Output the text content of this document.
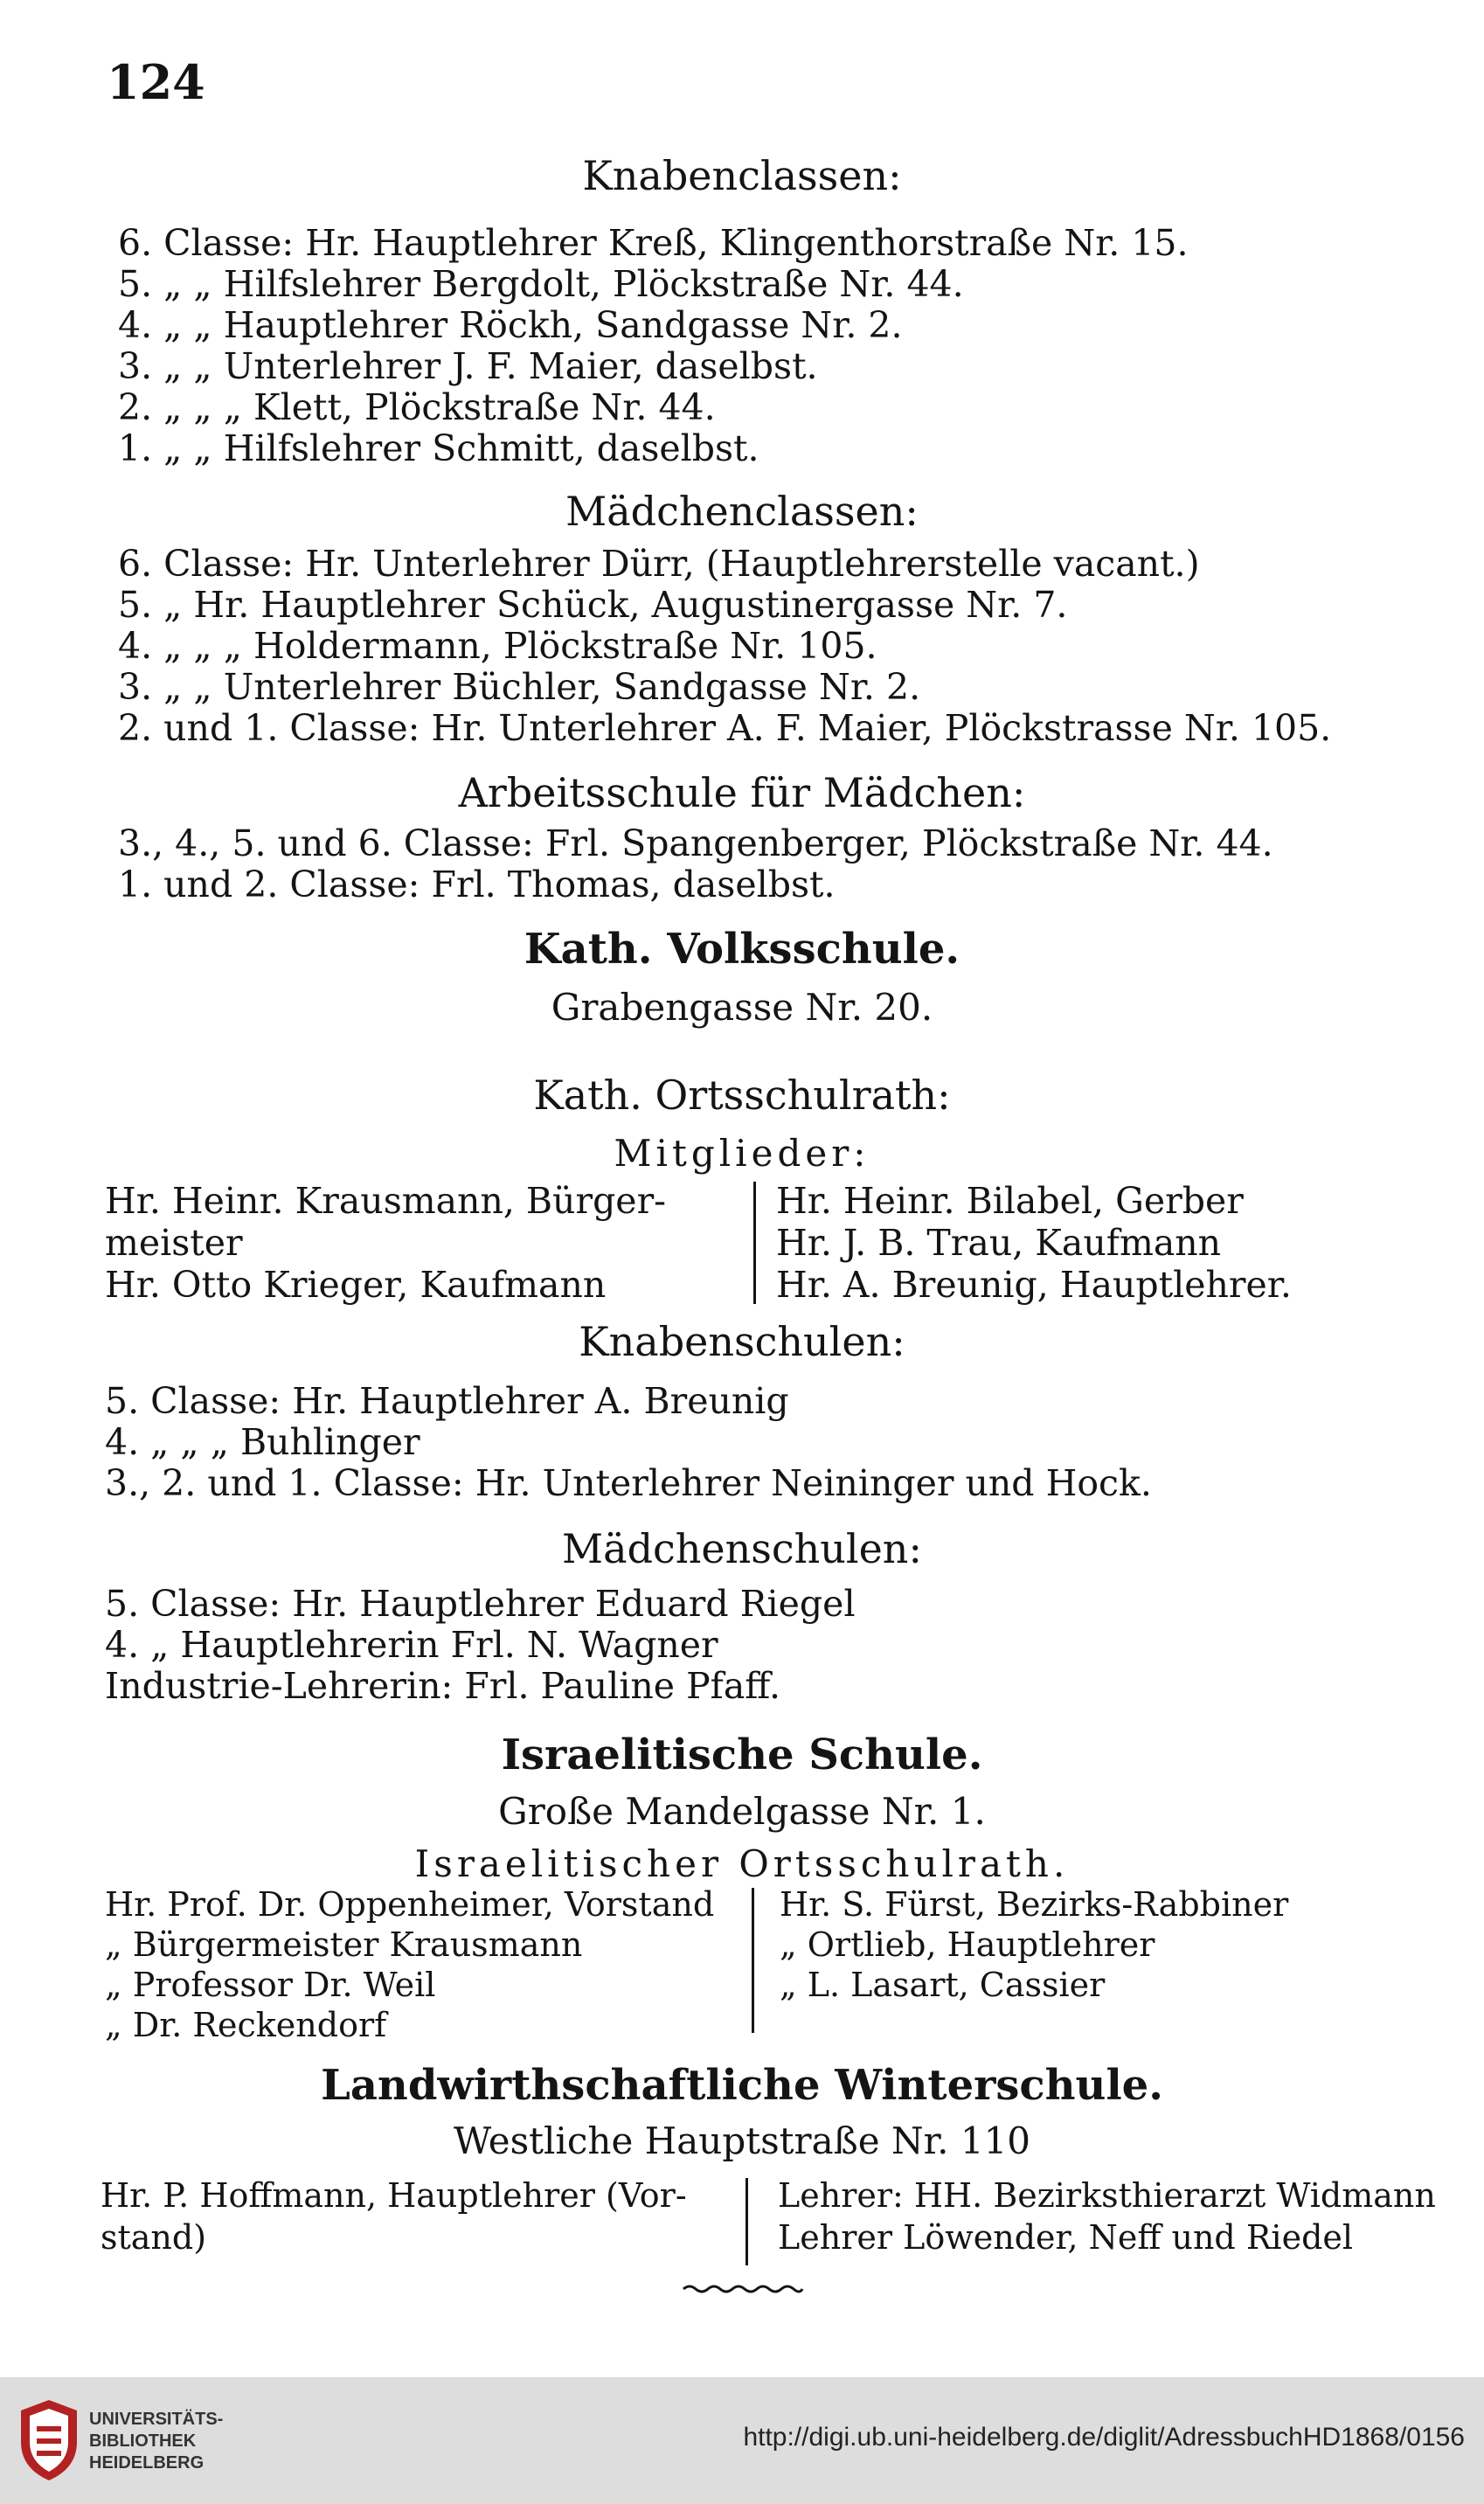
124
Knabenclassen:
6. Classe: Hr. Hauptlehrer Kreß, Klingenthorstraße Nr. 15.
5. „ „ Hilfslehrer Bergdolt, Plöckstraße Nr. 44.
4. „ „ Hauptlehrer Röckh, Sandgasse Nr. 2.
3. „ „ Unterlehrer J. F. Maier, daselbst.
2. „ „ „ Klett, Plöckstraße Nr. 44.
1. „ „ Hilfslehrer Schmitt, daselbst.
Mädchenclassen:
6. Classe: Hr. Unterlehrer Dürr, (Hauptlehrerstelle vacant.)
5. „ Hr. Hauptlehrer Schück, Augustinergasse Nr. 7.
4. „ „ „ Holdermann, Plöckstraße Nr. 105.
3. „ „ Unterlehrer Büchler, Sandgasse Nr. 2.
2. und 1. Classe: Hr. Unterlehrer A. F. Maier, Plöckstrasse Nr. 105.
Arbeitsschule für Mädchen:
3., 4., 5. und 6. Classe: Frl. Spangenberger, Plöckstraße Nr. 44.
1. und 2. Classe: Frl. Thomas, daselbst.
Kath. Volksschule.
Grabengasse Nr. 20.
Kath. Ortsschulrath:
Mitglieder:
Hr. Heinr. Krausmann, Bürger-
meister
Hr. Otto Krieger, Kaufmann
Hr. Heinr. Bilabel, Gerber
Hr. J. B. Trau, Kaufmann
Hr. A. Breunig, Hauptlehrer.
Knabenschulen:
5. Classe: Hr. Hauptlehrer A. Breunig
4. „ „ „ Buhlinger
3., 2. und 1. Classe: Hr. Unterlehrer Neininger und Hock.
Mädchenschulen:
5. Classe: Hr. Hauptlehrer Eduard Riegel
4. „ Hauptlehrerin Frl. N. Wagner
Industrie-Lehrerin: Frl. Pauline Pfaff.
Israelitische Schule.
Große Mandelgasse Nr. 1.
Israelitischer Ortsschulrath.
Hr. Prof. Dr. Oppenheimer, Vorstand
„ Bürgermeister Krausmann
„ Professor Dr. Weil
„ Dr. Reckendorf
Hr. S. Fürst, Bezirks-Rabbiner
„ Ortlieb, Hauptlehrer
„ L. Lasart, Cassier
Landwirthschaftliche Winterschule.
Westliche Hauptstraße Nr. 110
Hr. P. Hoffmann, Hauptlehrer (Vor-
stand)
Lehrer: HH. Bezirksthierarzt Widmann
Lehrer Löwender, Neff und Riedel
UNIVERSITÄTS-
BIBLIOTHEK
HEIDELBERG
http://digi.ub.uni-heidelberg.de/diglit/AdressbuchHD1868/0156
